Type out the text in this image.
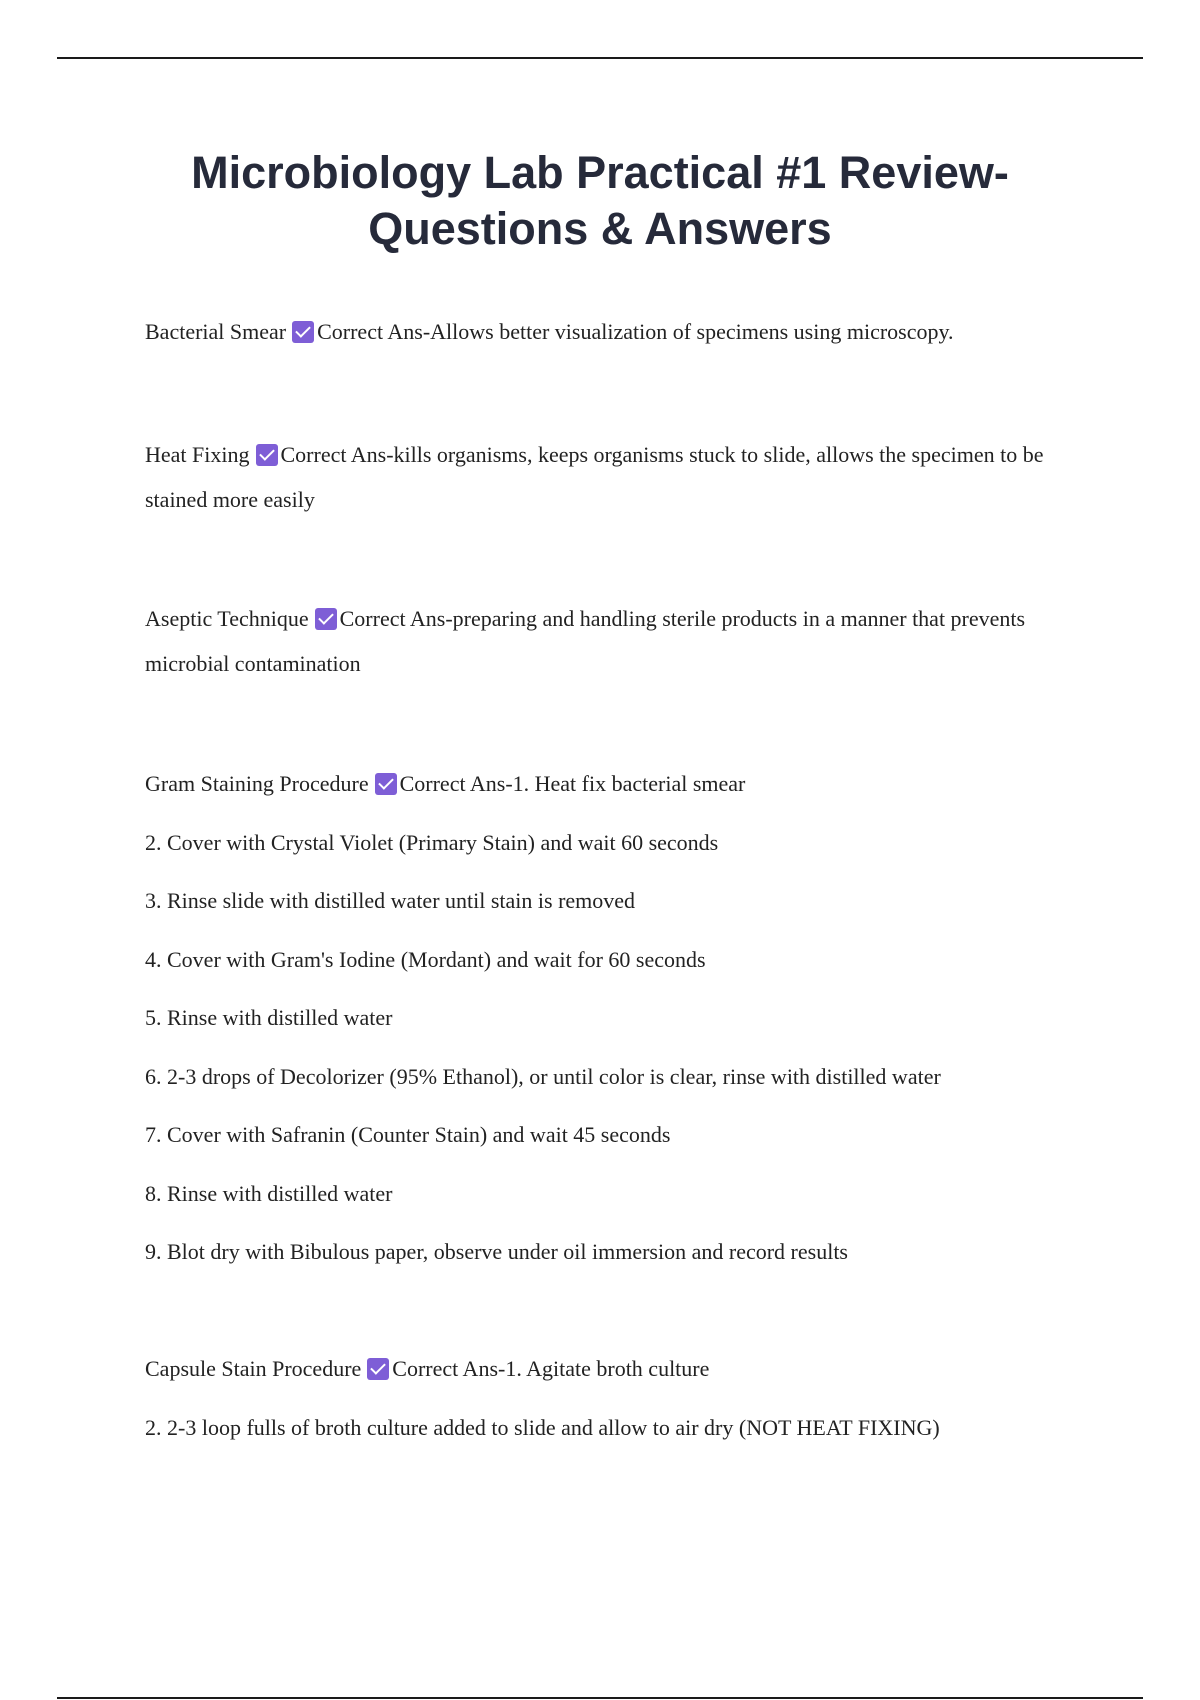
Microbiology Lab Practical #1 Review- Questions & Answers

Bacterial Smear Correct Ans-Allows better visualization of specimens using microscopy.

Heat Fixing Correct Ans-kills organisms, keeps organisms stuck to slide, allows the specimen to be stained more easily

Aseptic Technique Correct Ans-preparing and handling sterile products in a manner that prevents microbial contamination

Gram Staining Procedure Correct Ans-1. Heat fix bacterial smear

2. Cover with Crystal Violet (Primary Stain) and wait 60 seconds

3. Rinse slide with distilled water until stain is removed

4. Cover with Gram's Iodine (Mordant) and wait for 60 seconds

5. Rinse with distilled water

6. 2-3 drops of Decolorizer (95% Ethanol), or until color is clear, rinse with distilled water

7. Cover with Safranin (Counter Stain) and wait 45 seconds

8. Rinse with distilled water

9. Blot dry with Bibulous paper, observe under oil immersion and record results

Capsule Stain Procedure Correct Ans-1. Agitate broth culture

2. 2-3 loop fulls of broth culture added to slide and allow to air dry (NOT HEAT FIXING)
